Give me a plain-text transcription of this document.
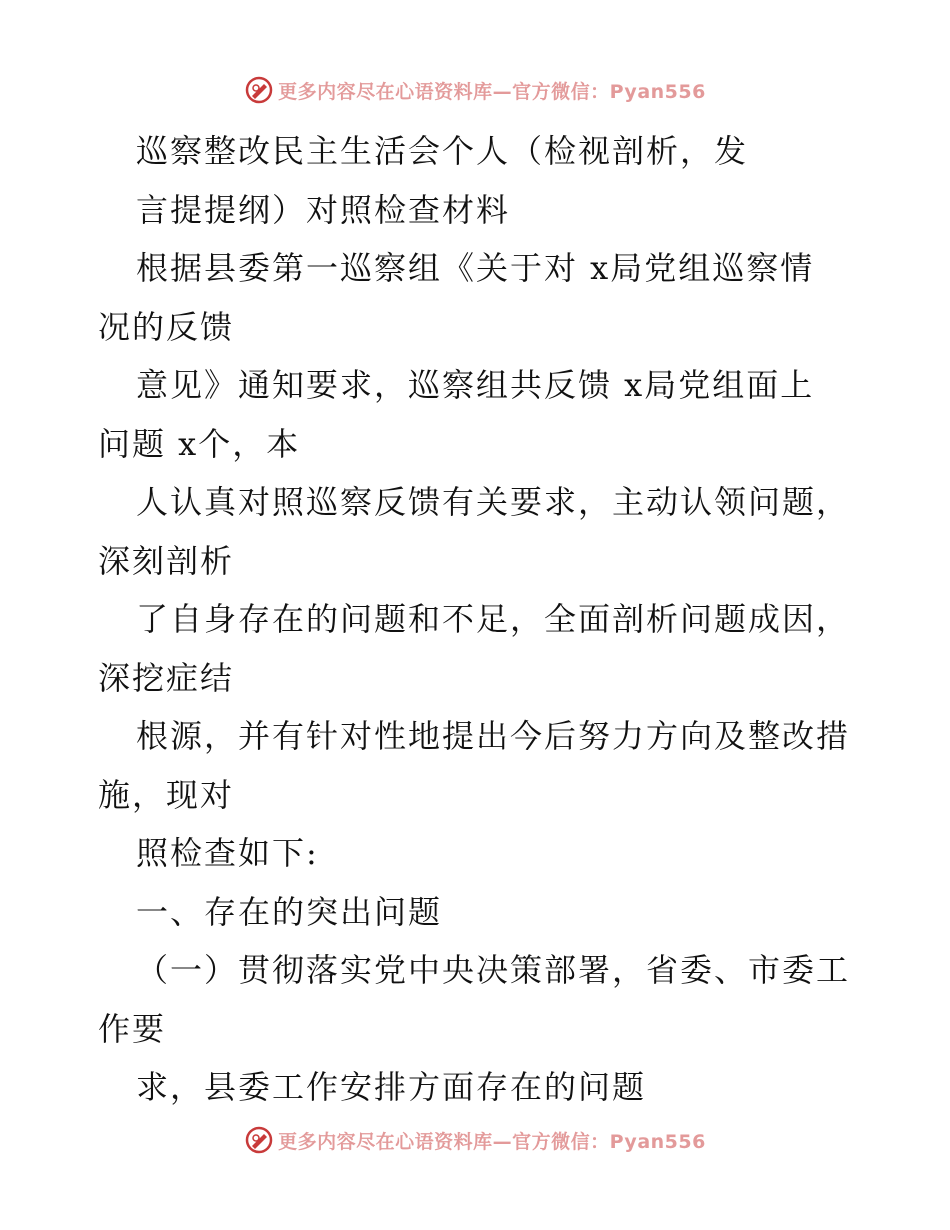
更多内容尽在心语资料库—官方微信：Pyan556
巡察整改民主生活会个人（检视剖析，发
言提提纲）对照检查材料
根据县委第一巡察组《关于对 x局党组巡察情
况的反馈
意见》通知要求，巡察组共反馈 x局党组面上
问题 x个，本
人认真对照巡察反馈有关要求，主动认领问题，
深刻剖析
了自身存在的问题和不足，全面剖析问题成因，
深挖症结
根源，并有针对性地提出今后努力方向及整改措
施，现对
照检查如下:
一、存在的突出问题
（一）贯彻落实党中央决策部署，省委、市委工
作要
求，县委工作安排方面存在的问题
更多内容尽在心语资料库—官方微信：Pyan556
